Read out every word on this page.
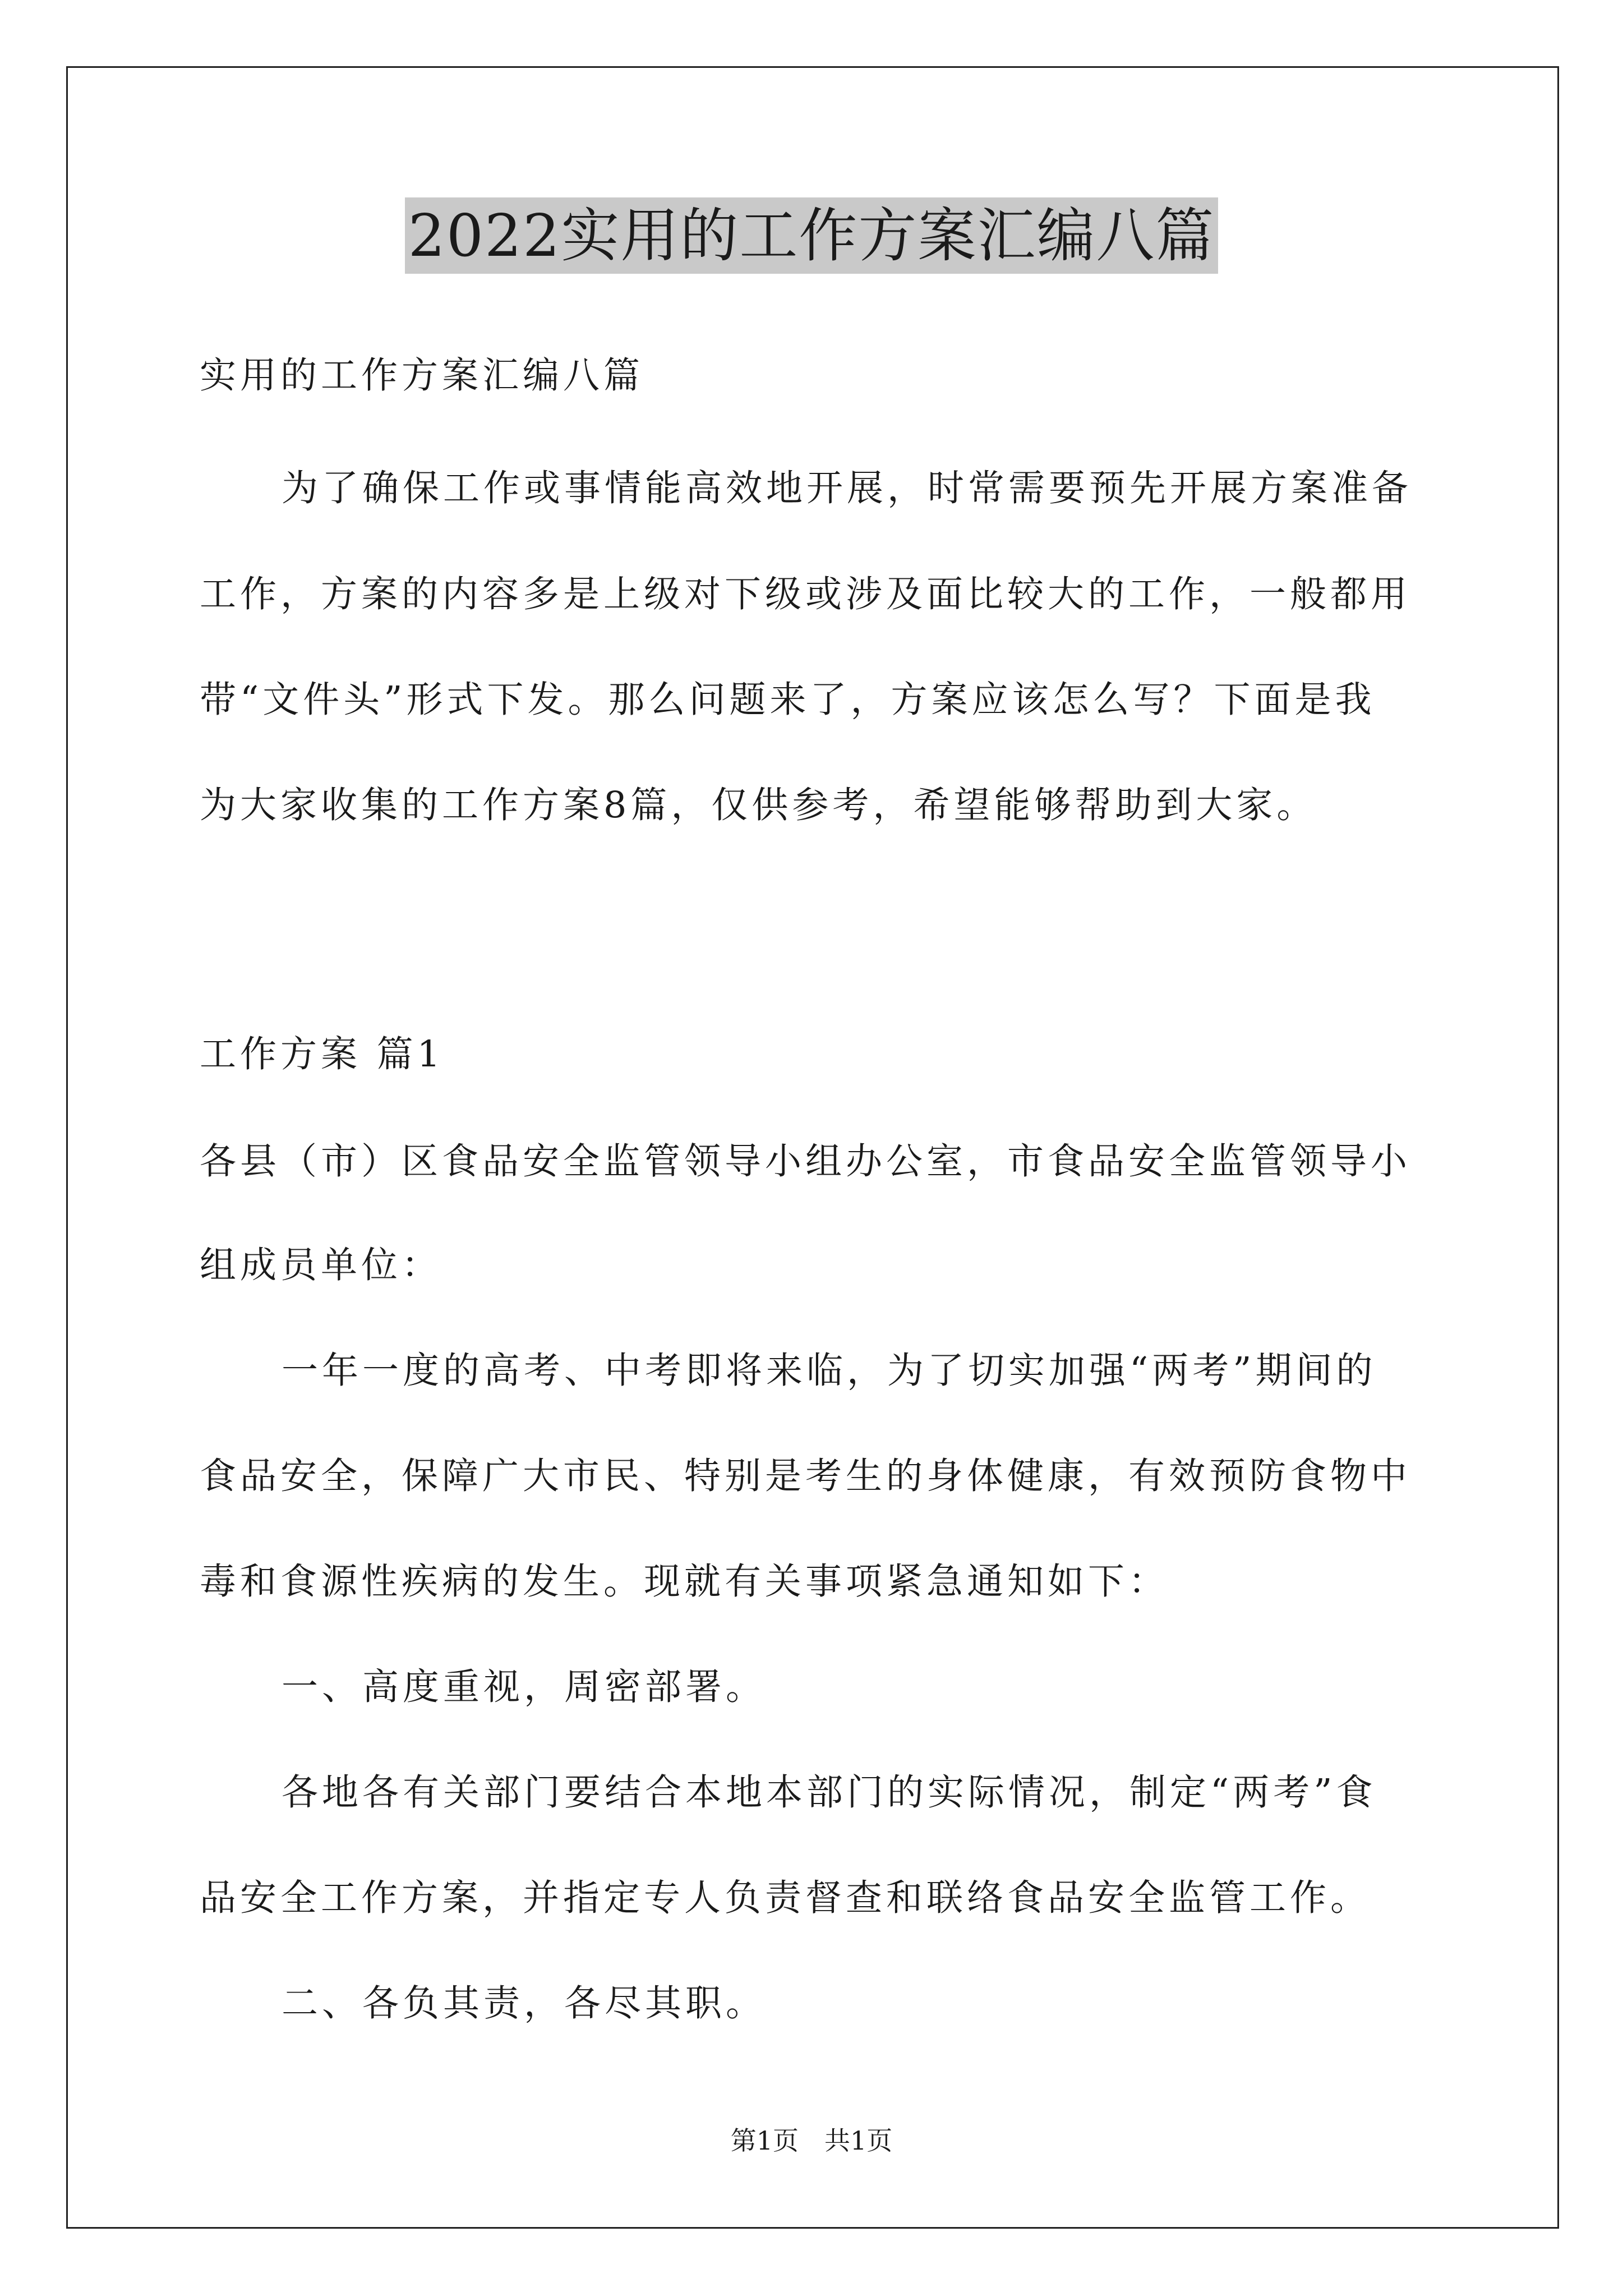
2022实用的工作方案汇编八篇
实用的工作方案汇编八篇
为了确保工作或事情能高效地开展，时常需要预先开展方案准备
工作，方案的内容多是上级对下级或涉及面比较大的工作，一般都用
带“文件头”形式下发。那么问题来了，方案应该怎么写？下面是我
为大家收集的工作方案8篇，仅供参考，希望能够帮助到大家。
工作方案 篇1
各县（市）区食品安全监管领导小组办公室，市食品安全监管领导小
组成员单位：
一年一度的高考、中考即将来临，为了切实加强“两考”期间的
食品安全，保障广大市民、特别是考生的身体健康，有效预防食物中
毒和食源性疾病的发生。现就有关事项紧急通知如下：
一、高度重视，周密部署。
各地各有关部门要结合本地本部门的实际情况，制定“两考”食
品安全工作方案，并指定专人负责督查和联络食品安全监管工作。
二、各负其责，各尽其职。
第1页　共1页
